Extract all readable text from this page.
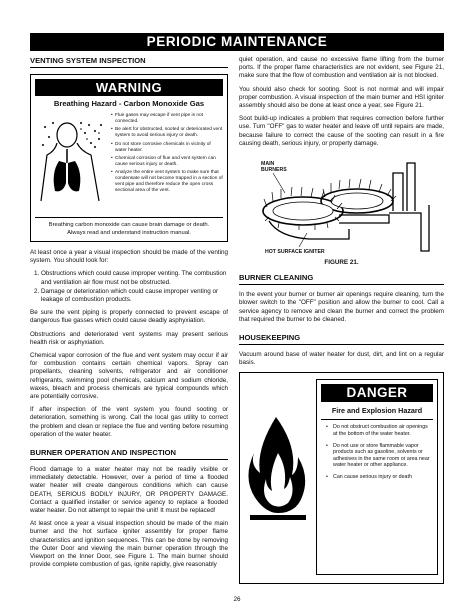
PERIODIC MAINTENANCE
VENTING SYSTEM INSPECTION
WARNING
Breathing Hazard - Carbon Monoxide Gas
• Flue gases may escape if vent pipe is not connected.
• Be alert for obstructed, sooted or deteriorated vent system to avoid serious injury or death.
• Do not store corrosive chemicals in vicinity of water heater.
• Chemical corrosion of flue and vent system can cause serious injury or death.
• Analyze the entire vent system to make sure that condensate will not become trapped in a section of vent pipe and therefore reduce the open cross sectional area of the vent.
Breathing carbon monoxide can cause brain damage or death.
Always read and understand instruction manual.

At least once a year a visual inspection should be made of the venting system. You should look for:

1. Obstructions which could cause improper venting. The combustion and ventilation air flow must not be obstructed.
2. Damage or deterioration which could cause improper venting or leakage of combustion products.

Be sure the vent piping is properly connected to prevent escape of dangerous flue gasses which could cause deadly asphyxiation.

Obstructions and deteriorated vent systems may present serious health risk or asphyxiation.

Chemical vapor corrosion of the flue and vent system may occur if air for combustion contains certain chemical vapors. Spray can propellants, cleaning solvents, refrigerator and air conditioner refrigerants, swimming pool chemicals, calcium and sodium chloride, waxes, bleach and process chemicals are typical compounds which are potentially corrosive.

If after inspection of the vent system you found sooting or deterioration, something is wrong. Call the local gas utility to correct the problem and clean or replace the flue and venting before resuming operation of the water heater.

BURNER OPERATION AND INSPECTION

Flood damage to a water heater may not be readily visible or immediately detectable. However, over a period of time a flooded water heater will create dangerous conditions which can cause DEATH, SERIOUS BODILY INJURY, OR PROPERTY DAMAGE. Contact a qualified installer or service agency to replace a flooded water heater. Do not attempt to repair the unit! It must be replaced!

At least once a year a visual inspection should be made of the main burner and the hot surface igniter assembly for proper flame characteristics and ignition sequences. This can be done by removing the Outer Door and viewing the main burner operation through the Viewport on the Inner Door, see Figure 1. The main burner should provide complete combustion of gas, ignite rapidly, give reasonably

quiet operation, and cause no excessive flame lifting from the burner ports. If the proper flame characteristics are not evident, see Figure 21, make sure that the flow of combustion and ventilation air is not blocked.

You should also check for sooting. Soot is not normal and will impair proper combustion. A visual inspection of the main burner and HSI igniter assembly should also be done at least once a year, see Figure 21.

Soot build-up indicates a problem that requires correction before further use. Turn "OFF" gas to water heater and leave off until repairs are made, because failure to correct the cause of the sooting can result in a fire causing death, serious injury, or property damage.

MAIN
BURNERS
HOT SURFACE IGNITER
FIGURE 21.
BURNER CLEANING

In the event your burner or burner air openings require cleaning, turn the blower switch to the "OFF" position and allow the burner to cool. Call a service agency to remove and clean the burner and correct the problem that required the burner to be cleaned.

HOUSEKEEPING

Vacuum around base of water heater for dust, dirt, and lint on a regular basis.

DANGER
Fire and Explosion Hazard
• Do not obstruct combustion air openings at the bottom of the water heater.
• Do not use or store flammable vapor products such as gasoline, solvents or adhesives in the same room or area near water heater or other appliance.
• Can cause serious injury or death
26
